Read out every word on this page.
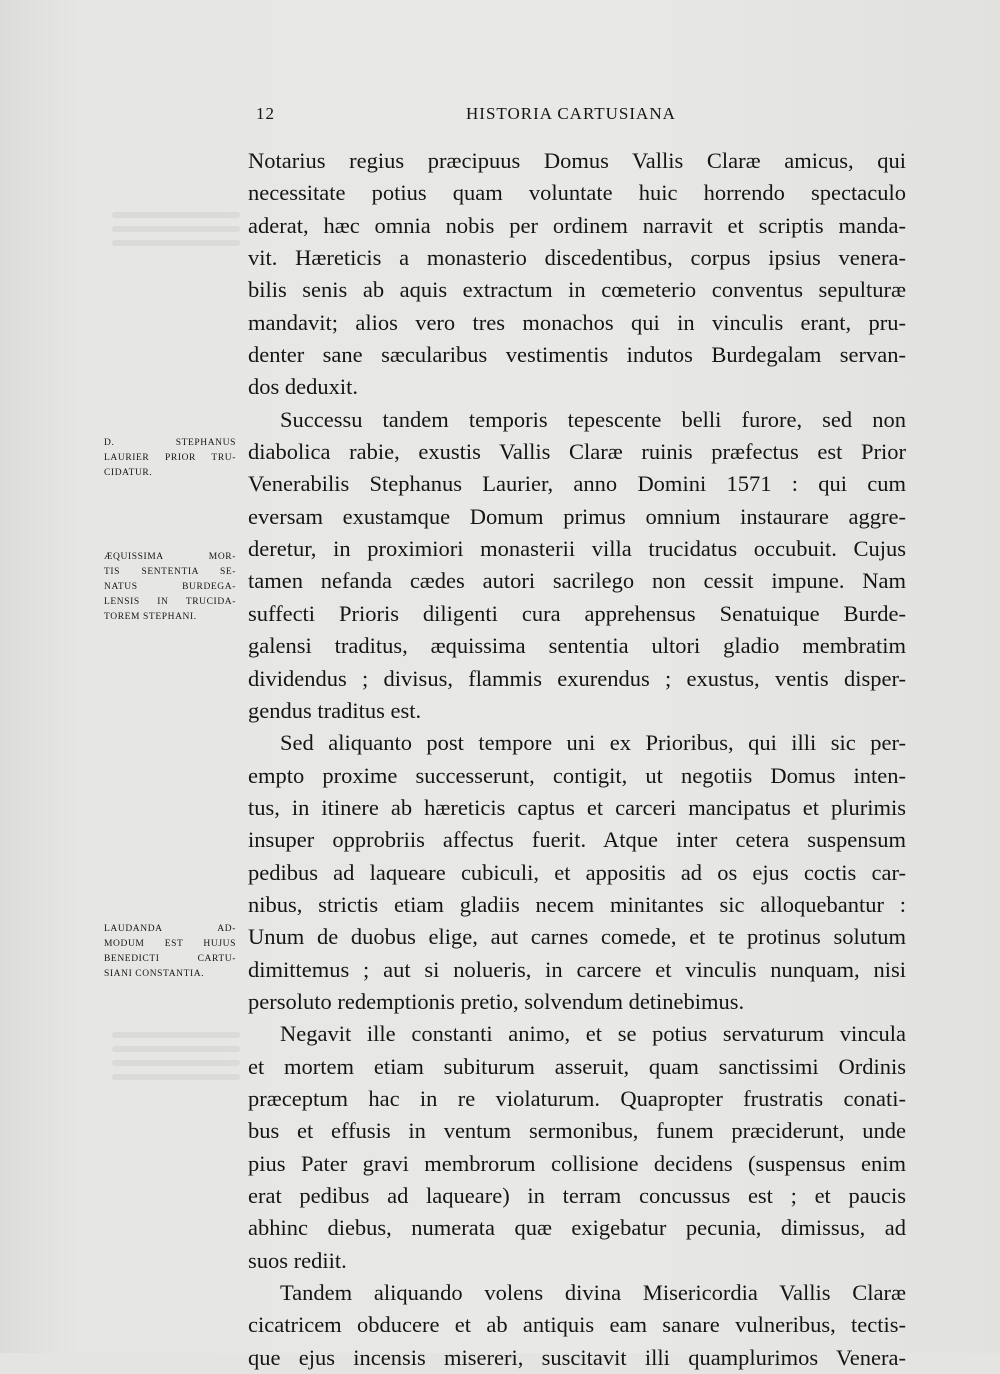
12	HISTORIA CARTUSIANA
D. STEPHANUS
LAURIER PRIOR TRU-
CIDATUR.
ÆQUISSIMA MOR-
TIS SENTENTIA SE-
NATUS BURDEGA-
LENSIS IN TRUCIDA-
TOREM STEPHANI.
LAUDANDA AD-
MODUM EST HUJUS
BENEDICTI CARTU-
SIANI CONSTANTIA.
Notarius regius præcipuus Domus Vallis Claræ amicus, qui
necessitate potius quam voluntate huic horrendo spectaculo
aderat, hæc omnia nobis per ordinem narravit et scriptis manda-
vit. Hæreticis a monasterio discedentibus, corpus ipsius venera-
bilis senis ab aquis extractum in cœmeterio conventus sepulturæ
mandavit; alios vero tres monachos qui in vinculis erant, pru-
denter sane sæcularibus vestimentis indutos Burdegalam servan-
dos deduxit.
Successu tandem temporis tepescente belli furore, sed non
diabolica rabie, exustis Vallis Claræ ruinis præfectus est Prior
Venerabilis Stephanus Laurier, anno Domini 1571 : qui cum
eversam exustamque Domum primus omnium instaurare aggre-
deretur, in proximiori monasterii villa trucidatus occubuit. Cujus
tamen nefanda cædes autori sacrilego non cessit impune. Nam
suffecti Prioris diligenti cura apprehensus Senatuique Burde-
galensi traditus, æquissima sententia ultori gladio membratim
dividendus ; divisus, flammis exurendus ; exustus, ventis disper-
gendus traditus est.
Sed aliquanto post tempore uni ex Prioribus, qui illi sic per-
empto proxime successerunt, contigit, ut negotiis Domus inten-
tus, in itinere ab hæreticis captus et carceri mancipatus et plurimis
insuper opprobriis affectus fuerit. Atque inter cetera suspensum
pedibus ad laqueare cubiculi, et appositis ad os ejus coctis car-
nibus, strictis etiam gladiis necem minitantes sic alloquebantur :
Unum de duobus elige, aut carnes comede, et te protinus solutum
dimittemus ; aut si nolueris, in carcere et vinculis nunquam, nisi
persoluto redemptionis pretio, solvendum detinebimus.
Negavit ille constanti animo, et se potius servaturum vincula
et mortem etiam subiturum asseruit, quam sanctissimi Ordinis
præceptum hac in re violaturum. Quapropter frustratis conati-
bus et effusis in ventum sermonibus, funem præciderunt, unde
pius Pater gravi membrorum collisione decidens (suspensus enim
erat pedibus ad laqueare) in terram concussus est ; et paucis
abhinc diebus, numerata quæ exigebatur pecunia, dimissus, ad
suos rediit.
Tandem aliquando volens divina Misericordia Vallis Claræ
cicatricem obducere et ab antiquis eam sanare vulneribus, tectis-
que ejus incensis misereri, suscitavit illi quamplurimos Venera-
